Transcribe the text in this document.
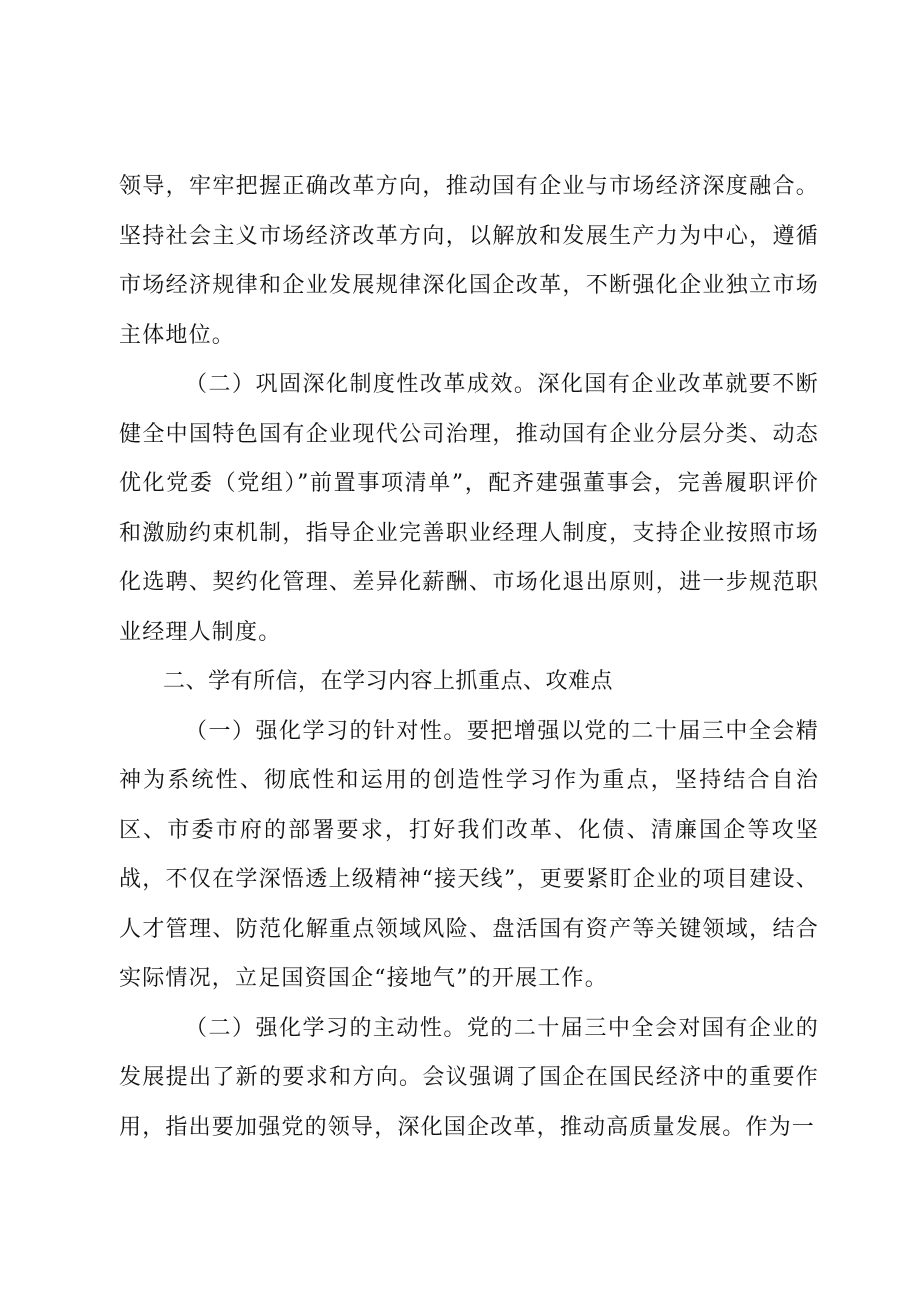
领导，牢牢把握正确改革方向，推动国有企业与市场经济深度融合。坚持社会主义市场经济改革方向，以解放和发展生产力为中心，遵循市场经济规律和企业发展规律深化国企改革，不断强化企业独立市场主体地位。

（二）巩固深化制度性改革成效。深化国有企业改革就要不断健全中国特色国有企业现代公司治理，推动国有企业分层分类、动态优化党委（党组）”前置事项清单”，配齐建强董事会，完善履职评价和激励约束机制，指导企业完善职业经理人制度，支持企业按照市场化选聘、契约化管理、差异化薪酬、市场化退出原则，进一步规范职业经理人制度。

二、学有所信，在学习内容上抓重点、攻难点

（一）强化学习的针对性。要把增强以党的二十届三中全会精神为系统性、彻底性和运用的创造性学习作为重点，坚持结合自治区、市委市府的部署要求，打好我们改革、化债、清廉国企等攻坚战，不仅在学深悟透上级精神“接天线”，更要紧盯企业的项目建设、人才管理、防范化解重点领域风险、盘活国有资产等关键领域，结合实际情况，立足国资国企“接地气”的开展工作。

（二）强化学习的主动性。党的二十届三中全会对国有企业的发展提出了新的要求和方向。会议强调了国企在国民经济中的重要作用，指出要加强党的领导，深化国企改革，推动高质量发展。作为一
